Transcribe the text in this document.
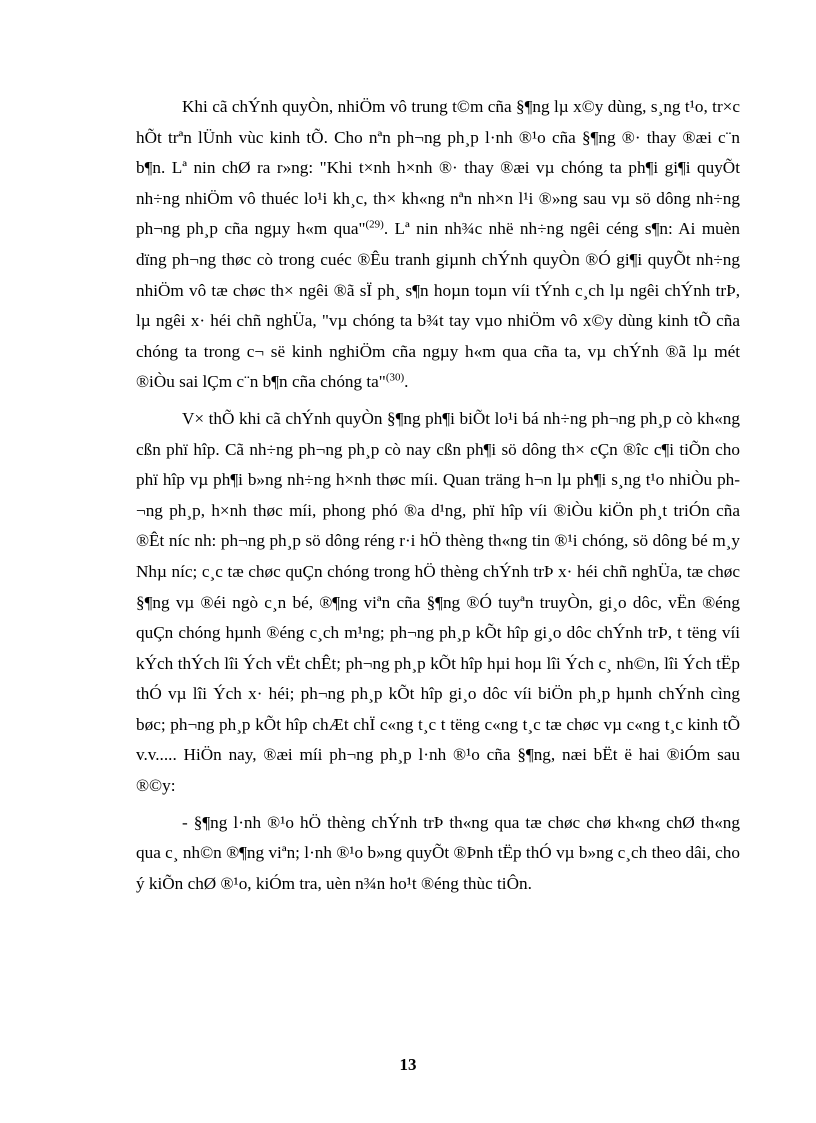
Khi cã chÝnh quyÒn, nhiÖm vô trung t©m cña §¶ng lµ x©y dùng, s¸ng t¹o, tr×c hÕt trªn lÜnh vùc kinh tÕ. Cho nªn ph¬ng ph¸p l·nh ®¹o cña §¶ng ®· thay ®æi c¨n b¶n. Lª nin chØ ra r»ng: "Khi t×nh h×nh ®· thay ®æi vµ chóng ta ph¶i gi¶i quyÕt nh÷ng nhiÖm vô thuéc lo¹i kh¸c, th× kh«ng nªn nh×n l¹i ®»ng sau vµ sö dông nh÷ng ph¬ng ph¸p cña ngµy h«m qua"$^{(29)}$. Lª nin nh¾c nhë nh÷ng ngêi céng s¶n: Ai muèn dïng ph¬ng thøc cò trong cuéc ®Êu tranh giµnh chÝnh quyÒn ®Ó gi¶i quyÕt nh÷ng nhiÖm vô tæ chøc th× ngêi ®ã sÏ ph¸ s¶n hoµn toµn víi tÝnh c¸ch lµ ngêi chÝnh trÞ, lµ ngêi x· héi chñ nghÜa, "vµ chóng ta b¾t tay vµo nhiÖm vô x©y dùng kinh tÕ cña chóng ta trong c¬ së kinh nghiÖm cña ngµy h«m qua cña ta, vµ chÝnh ®ã lµ mét ®iÒu sai lÇm c¨n b¶n cña chóng ta"$^{(30)}$.

V× thÕ khi cã chÝnh quyÒn §¶ng ph¶i biÕt lo¹i bá nh÷ng ph¬ng ph¸p cò kh«ng cßn phï hîp. Cã nh÷ng ph¬ng ph¸p cò nay cßn ph¶i sö dông th× cÇn ®îc c¶i tiÕn cho phï hîp vµ ph¶i b»ng nh÷ng h×nh thøc míi. Quan träng h¬n lµ ph¶i s¸ng t¹o nhiÒu ph¬ng ph¸p, h×nh thøc míi, phong phó ®a d¹ng, phï hîp víi ®iÒu kiÖn ph¸t triÓn cña ®Êt níc nh: ph¬ng ph¸p sö dông réng r·i hÖ thèng th«ng tin ®¹i chóng, sö dông bé m¸y Nhµ níc; c¸c tæ chøc quÇn chóng trong hÖ thèng chÝnh trÞ x· héi chñ nghÜa, tæ chøc §¶ng vµ ®éi ngò c¸n bé, ®¶ng viªn cña §¶ng ®Ó tuyªn truyÒn, gi¸o dôc, vËn ®éng quÇn chóng hµnh ®éng c¸ch m¹ng; ph¬ng ph¸p kÕt hîp gi¸o dôc chÝnh trÞ, t tëng víi kÝch thÝch lîi Ých vËt chÊt; ph¬ng ph¸p kÕt hîp hµi hoµ lîi Ých c¸ nh©n, lîi Ých tËp thÓ vµ lîi Ých x· héi; ph¬ng ph¸p kÕt hîp gi¸o dôc víi biÖn ph¸p hµnh chÝnh cìng bøc; ph¬ng ph¸p kÕt hîp chÆt chÏ c«ng t¸c t tëng c«ng t¸c tæ chøc vµ c«ng t¸c kinh tÕ v.v..... HiÖn nay, ®æi míi ph¬ng ph¸p l·nh ®¹o cña §¶ng, næi bËt ë hai ®iÓm sau ®©y:

- §¶ng l·nh ®¹o hÖ thèng chÝnh trÞ th«ng qua tæ chøc chø kh«ng chØ th«ng qua c¸ nh©n ®¶ng viªn; l·nh ®¹o b»ng quyÕt ®Þnh tËp thÓ vµ b»ng c¸ch theo dâi, cho ý kiÕn chØ ®¹o, kiÓm tra, uèn n¾n ho¹t ®éng thùc tiÔn.

13
